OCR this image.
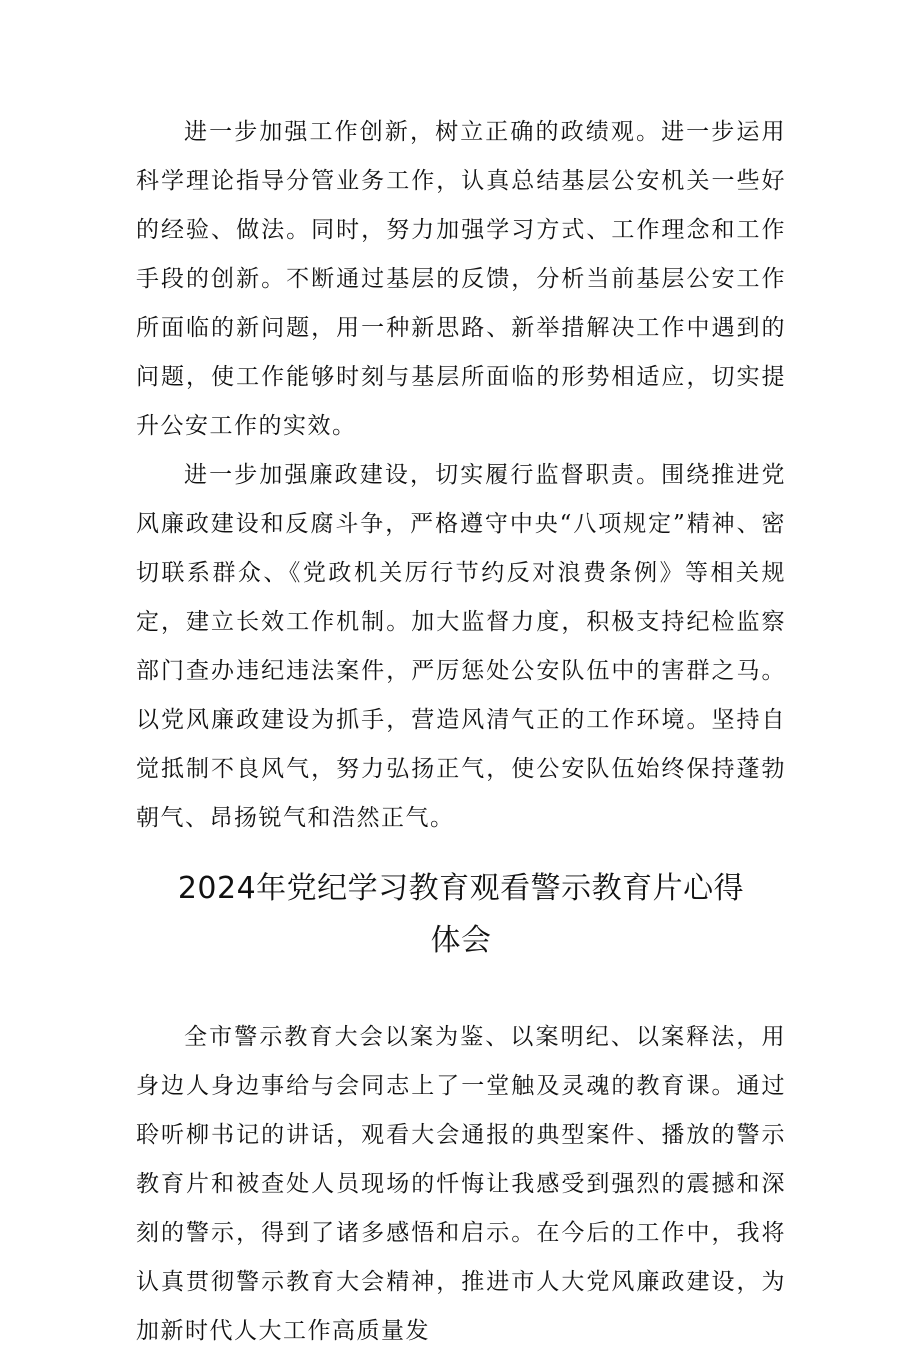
进一步加强工作创新，树立正确的政绩观。进一步运用科学理论指导分管业务工作，认真总结基层公安机关一些好的经验、做法。同时，努力加强学习方式、工作理念和工作手段的创新。不断通过基层的反馈，分析当前基层公安工作所面临的新问题，用一种新思路、新举措解决工作中遇到的问题，使工作能够时刻与基层所面临的形势相适应，切实提升公安工作的实效。

进一步加强廉政建设，切实履行监督职责。围绕推进党风廉政建设和反腐斗争，严格遵守中央“八项规定”精神、密切联系群众、《党政机关厉行节约反对浪费条例》等相关规定，建立长效工作机制。加大监督力度，积极支持纪检监察部门查办违纪违法案件，严厉惩处公安队伍中的害群之马。以党风廉政建设为抓手，营造风清气正的工作环境。坚持自觉抵制不良风气，努力弘扬正气，使公安队伍始终保持蓬勃朝气、昂扬锐气和浩然正气。

2024年党纪学习教育观看警示教育片心得
体会

全市警示教育大会以案为鉴、以案明纪、以案释法，用身边人身边事给与会同志上了一堂触及灵魂的教育课。通过聆听柳书记的讲话，观看大会通报的典型案件、播放的警示教育片和被查处人员现场的忏悔让我感受到强烈的震撼和深刻的警示，得到了诸多感悟和启示。在今后的工作中，我将认真贯彻警示教育大会精神，推进市人大党风廉政建设，为加新时代人大工作高质量发
